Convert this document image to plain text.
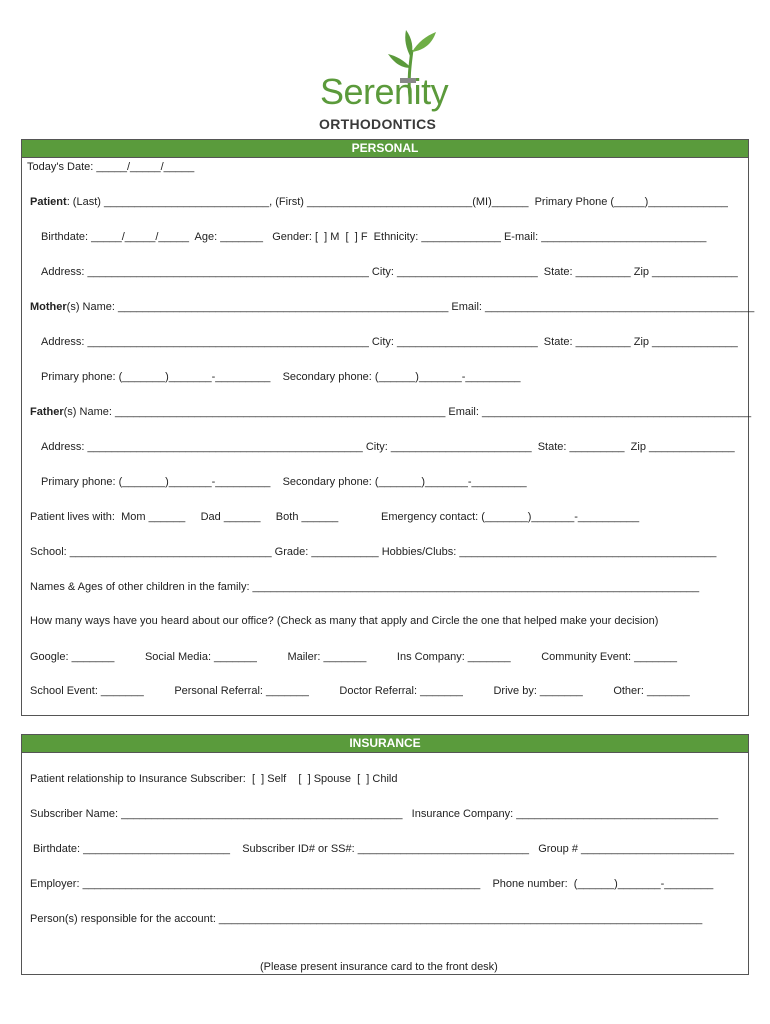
Serenity
ORTHODONTICS
PERSONAL
Today's Date: _____/_____/_____
Patient: (Last) ___________________________, (First) ___________________________(MI)______  Primary Phone (_____)_____________
Birthdate: _____/_____/_____  Age: _______   Gender: [  ] M  [  ] F  Ethnicity: _____________ E-mail: ___________________________
Address: ______________________________________________ City: _______________________  State: _________ Zip ______________
Mother(s) Name: ______________________________________________________ Email: ____________________________________________
Address: ______________________________________________ City: _______________________  State: _________ Zip ______________
Primary phone: (_______)_______-_________    Secondary phone: (______)_______-_________
Father(s) Name: ______________________________________________________ Email: ____________________________________________
Address: _____________________________________________ City: _______________________  State: _________  Zip ______________
Primary phone: (_______)_______-_________    Secondary phone: (_______)_______-_________
Patient lives with:  Mom ______     Dad ______     Both ______              Emergency contact: (_______)_______-__________
School: _________________________________ Grade: ___________ Hobbies/Clubs: __________________________________________
Names & Ages of other children in the family: _________________________________________________________________________
How many ways have you heard about our office? (Check as many that apply and Circle the one that helped make your decision)
Google: _______          Social Media: _______          Mailer: _______          Ins Company: _______          Community Event: _______
School Event: _______          Personal Referral: _______          Doctor Referral: _______          Drive by: _______          Other: _______
INSURANCE
Patient relationship to Insurance Subscriber:  [  ] Self    [  ] Spouse  [  ] Child
Subscriber Name: ______________________________________________   Insurance Company: _________________________________
Birthdate: ________________________    Subscriber ID# or SS#: ____________________________   Group # _________________________
Employer: _________________________________________________________________    Phone number:  (______)_______-________
Person(s) responsible for the account: _______________________________________________________________________________
(Please present insurance card to the front desk)
